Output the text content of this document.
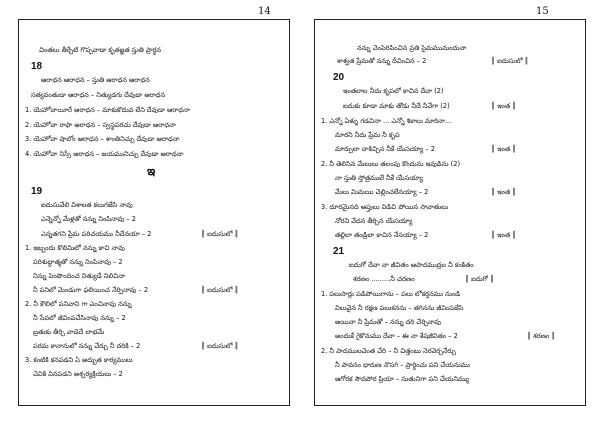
14
చింతలు తీర్చేటి గొప్పవాడా కృతజ్ఞత స్తుతి ప్రార్థన
18
ఆరాధన ఆరాధన – స్తుతి ఆరాధన ఆరాధన
సత్యవంతుడా ఆరాధన – నిత్యుడగు దేవుడా ఆరాధన
1. యెహోవాయీరే ఆరాధన – మాకుకొదువ లేని దేవుడా ఆరాధనా
2. యెహోవా రాఫా ఆరాధన – స్వస్థపరచు దేవుడా ఆరాధనా
3. యెహోవా షాలోం ఆరాధన – శాంతినిచ్చు దేవుడా ఆరాధనా
4. యెహోవా నిస్సీ ఆరాధన – జయమునిచ్చు దేవుడా ఆరాధనా
ఇ
19
ఐదుసువేలి విశాలత కలుగజేసి నావు
ఎన్నెన్నో మేళ్లతో నన్ను నింపినావు – 2
ఎన్నతగని ప్రేమ పరిచయము నీదేనయా – 2	║ ఐదుసులో ║
1. ఇబ్బందు కొలిమిలో నన్ను కాచి నావు
పరిశుద్ధాత్మతో నన్ను నింపినావు – 2
నిన్ను పెంపొందించ నిత్యుడే నిలిచినా
నీ పనిలో మెండుగా ఫలియించ నేర్పినావు – 2	║ ఐదుసులో ║
2. నీ కౌలిలో పనివాని గా ఎంచినావు నన్ను
నీ సేవలో జీవింపచేసినావు నన్ను – 2
బ్రతుకు తీర్చి వాడెదే లాభమే
పరమ కానానులో నన్ను చేర్చు నీ దరికి – 2	║ ఐదుసులో ║
3. కంటికి కనపడని ఏ అద్భుత కార్యములు
చెవికి వినపడని అశ్చర్యక్రియలు – 2
15
నన్ను చెంపెరిపించిన ప్రతి సైమముమందునా
శాశ్వత ప్రేమతో నన్ను దీవించిన – 2	║ ఐదుసులో ║
20
ఇంతలాల నీదు కృపలో కాచిన దేవా (2)
ఐదుకు కూడా మాకు తోడు నీదే నీవేగా (2)	║ ఇంత ║
1. ఎన్నో ఏళ్ళు గడచినా ... ఎన్నో శికాలు మారినా...
మారని నీదు ప్రేమ నీ కృప
మార్పులా నాకిచ్చిన నీకే యేసయ్యా – 2	║ ఇంత ║
2. నీ తెలిసిన మేలులు తలంపు కొందును ఇవుడిను (2)
నా స్తుతి స్తోత్రములే నీకే యేసయ్యా
మేలు మిమయి చెల్లించలేనయ్యా – 2	║ ఇంత ║
3. దూరమైనది ఆప్తులు విడిచి పోయిన సావాతులు
నోరని వేదన తీర్చిన యేసయ్యా
తల్లిలా తండ్రిలా కాచిన నేసయ్యా – 2	║ ఇంత ║
21
ఐదుగో దేవా నా జీవితం ఆపాదముద్రల నీ కంకితం
శరణం .........నీ చరణం	║ ఐదుగో ║
1. పలుసార్లు పడిపోయిగాను – పలు లోకర్తనము నుండి
విలువైన నీ రక్షణ పలుకనను – తగినను జీవింపజేసి
అయినా నీ ప్రేమతో – నన్ను దరి చేర్చినావు
అందుకే గైకొనుము దేవా – ఈ నా శేషజీవితం – 2	║ శరణం ║
2. నీ పాదములచెంత చేరి – నీ చిత్తంబు నెరవెర్చనేర్చు
నీ పావనం ధారుణ నొసగి – ప్రార్థించు పని చేయనుము
ఆగోరక సౌవపోర ప్రియా – సుతునిగా పని చేయనిమ్ము
